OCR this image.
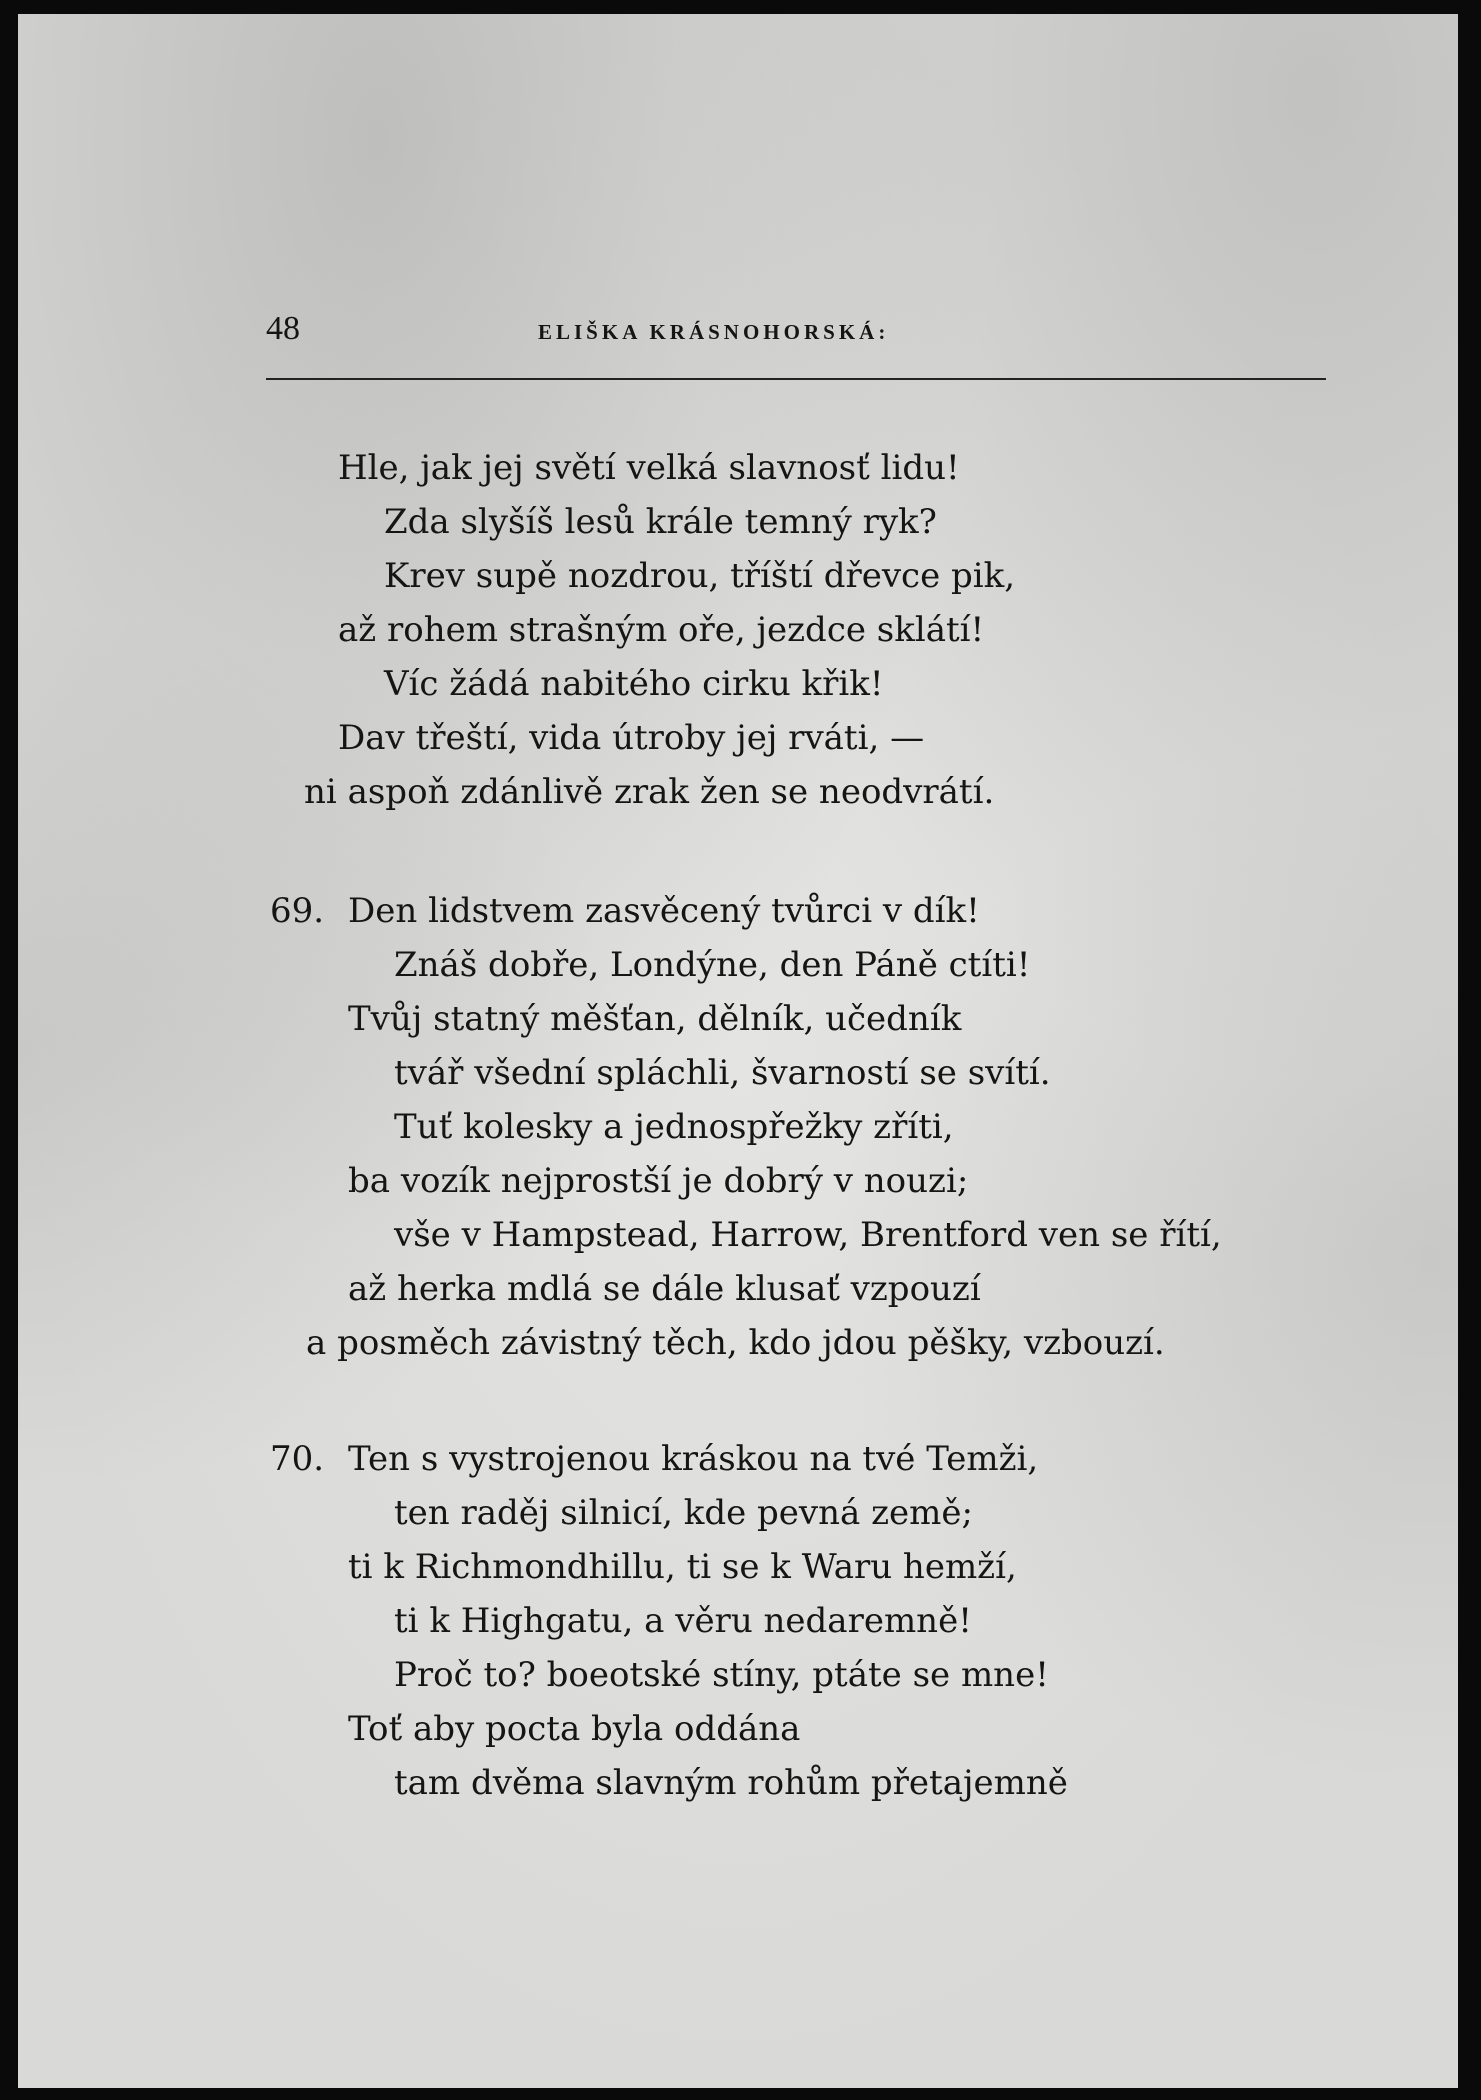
48	ELIŠKA KRÁSNOHORSKÁ:
Hle, jak jej světí velká slavnosť lidu!
Zda slyšíš lesů krále temný ryk?
Krev supě nozdrou, tříští dřevce pik,
až rohem strašným oře, jezdce sklátí!
Víc žádá nabitého cirku křik!
Dav třeští, vida útroby jej rváti, —
ni aspoň zdánlivě zrak žen se neodvrátí.
69. Den lidstvem zasvěcený tvůrci v dík!
Znáš dobře, Londýne, den Páně ctíti!
Tvůj statný měšťan, dělník, učedník
tvář všední spláchli, švarností se svítí.
Tuť kolesky a jednospřežky zříti,
ba vozík nejprostší je dobrý v nouzi;
vše v Hampstead, Harrow, Brentford ven se řítí,
až herka mdlá se dále klusať vzpouzí
a posměch závistný těch, kdo jdou pěšky, vzbouzí.
70. Ten s vystrojenou kráskou na tvé Temži,
ten raděj silnicí, kde pevná země;
ti k Richmondhillu, ti se k Waru hemží,
ti k Highgatu, a věru nedaremně!
Proč to? boeotské stíny, ptáte se mne!
Toť aby pocta byla oddána
tam dvěma slavným rohům přetajemně
